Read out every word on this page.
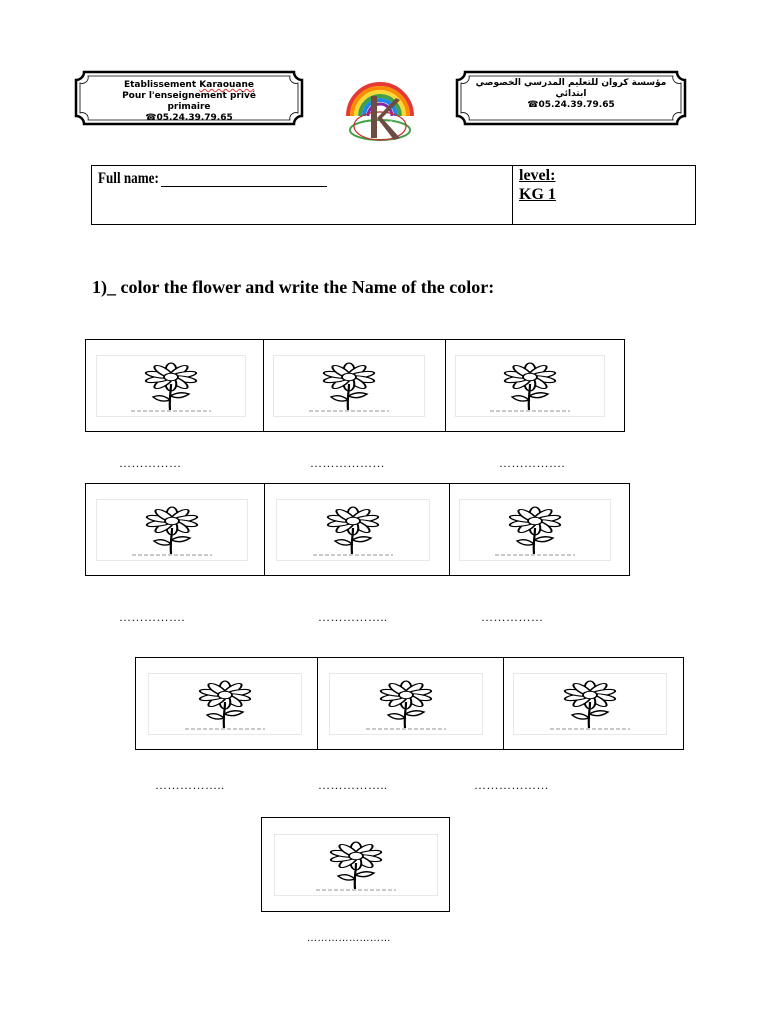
Etablissement Karaouane
Pour l'enseignement privé
primaire
☎05.24.39.79.65	K
مؤسسة كروان للتعليم المدرسي الخصوصي
ابتدائي
☎05.24.39.79.65
Full name:	level:
KG 1
1)_ color the flower and write the Name of the color:
……………	………………	…………….
…………….	……………..	……………
……………..	……………..	………………
……………………
